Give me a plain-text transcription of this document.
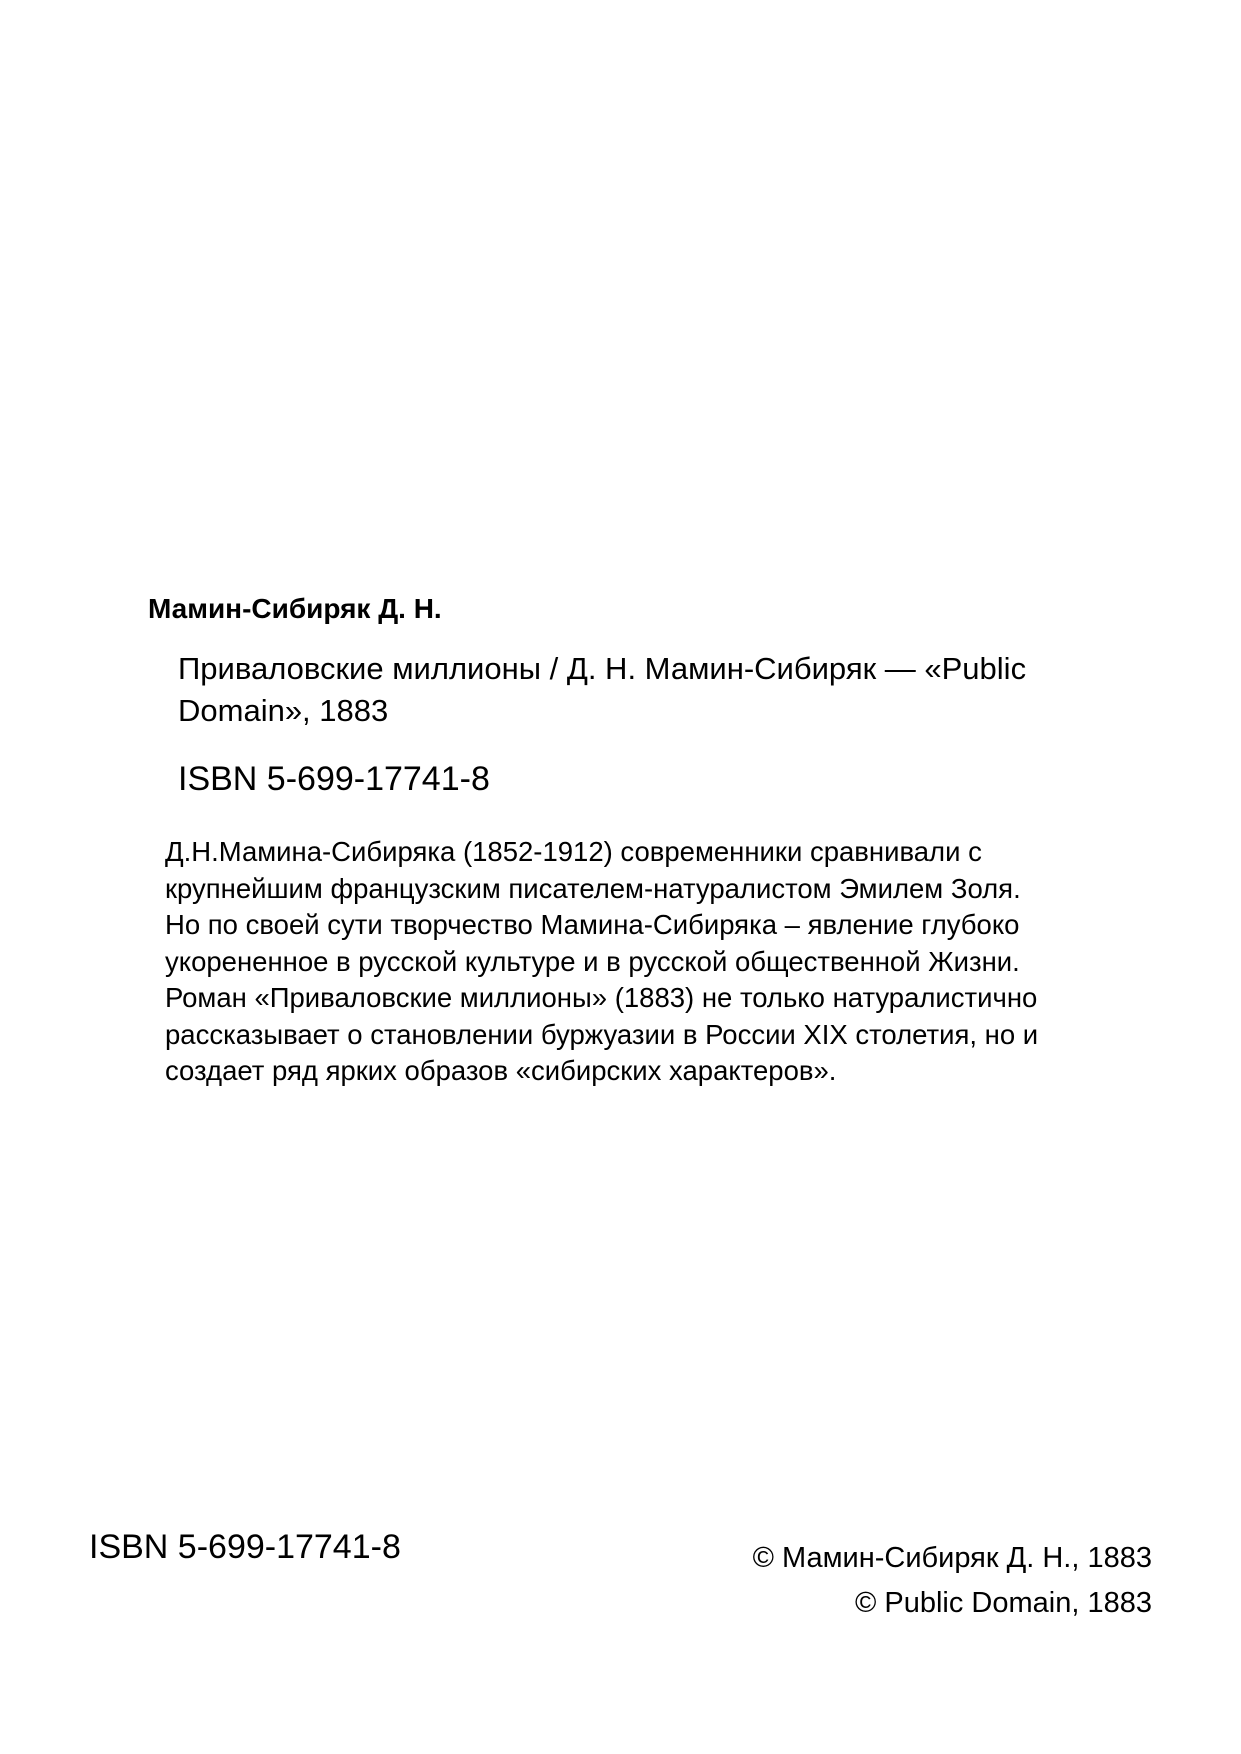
Мамин-Сибиряк Д. Н.
Приваловские миллионы / Д. Н. Мамин-Сибиряк — «Public
Domain», 1883
ISBN 5-699-17741-8
Д.Н.Мамина-Сибиряка (1852-1912) современники сравнивали с
крупнейшим французским писателем-натуралистом Эмилем Золя.
Но по своей сути творчество Мамина-Сибиряка – явление глубоко
укорененное в русской культуре и в русской общественной Жизни.
Роман «Приваловские миллионы» (1883) не только натуралистично
рассказывает о становлении буржуазии в России XIX столетия, но и
создает ряд ярких образов «сибирских характеров».
ISBN 5-699-17741-8	© Мамин-Сибиряк Д. Н., 1883
© Public Domain, 1883
